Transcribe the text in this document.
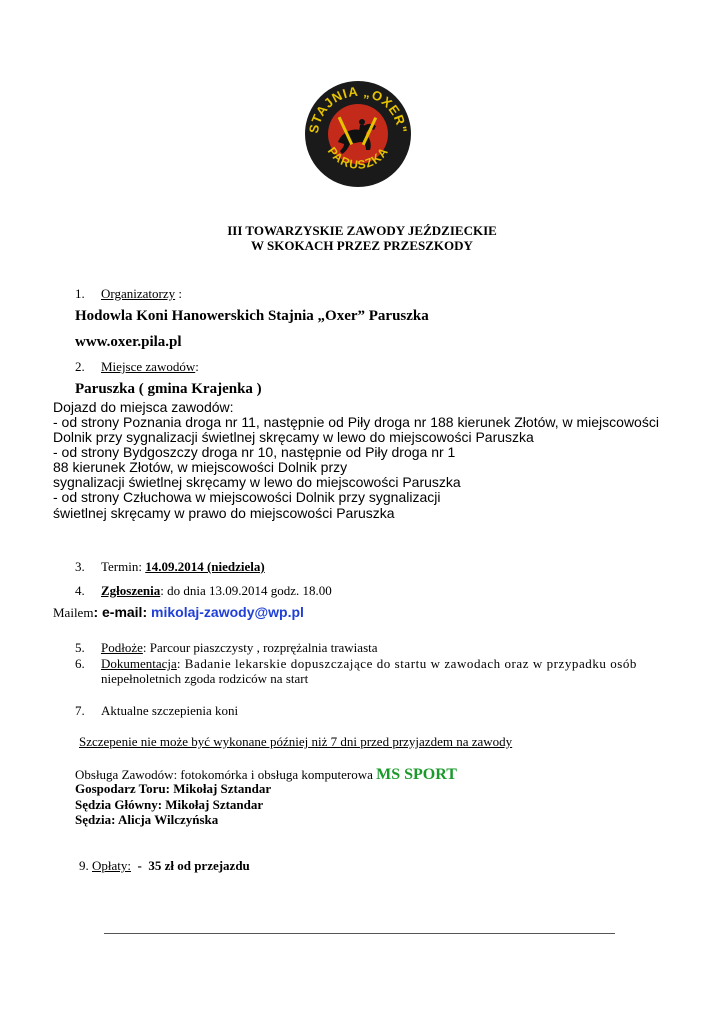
STAJNIA „OXER"
PARUSZKA
III TOWARZYSKIE ZAWODY JEŹDZIECKIE
W SKOKACH PRZEZ PRZESZKODY
1. Organizatorzy :
Hodowla Koni Hanowerskich Stajnia „Oxer” Paruszka
www.oxer.pila.pl
2. Miejsce zawodów:
Paruszka ( gmina Krajenka )
Dojazd do miejsca zawodów:
- od strony Poznania droga nr 11, następnie od Piły droga nr 188 kierunek Złotów, w miejscowości
Dolnik przy sygnalizacji świetlnej skręcamy w lewo do miejscowości Paruszka
- od strony Bydgoszczy droga nr 10, następnie od Piły droga nr 1
88 kierunek Złotów, w miejscowości Dolnik przy
sygnalizacji świetlnej skręcamy w lewo do miejscowości Paruszka
- od strony Człuchowa w miejscowości Dolnik przy sygnalizacji
świetlnej skręcamy w prawo do miejscowości Paruszka
3. Termin: 14.09.2014 (niedziela)
4. Zgłoszenia: do dnia 13.09.2014 godz. 18.00
Mailem: e-mail: mikolaj-zawody@wp.pl
5. Podłoże: Parcour piaszczysty , rozprężalnia trawiasta
6. Dokumentacja: Badanie lekarskie dopuszczające do startu w zawodach oraz w przypadku osób
niepełnoletnich zgoda rodziców na start
7. Aktualne szczepienia koni
Szczepenie nie może być wykonane później niż 7 dni przed przyjazdem na zawody
Obsługa Zawodów: fotokomórka i obsługa komputerowa MS SPORT
Gospodarz Toru: Mikołaj Sztandar
Sędzia Główny: Mikołaj Sztandar
Sędzia: Alicja Wilczyńska
9. Opłaty:  -  35 zł od przejazdu
